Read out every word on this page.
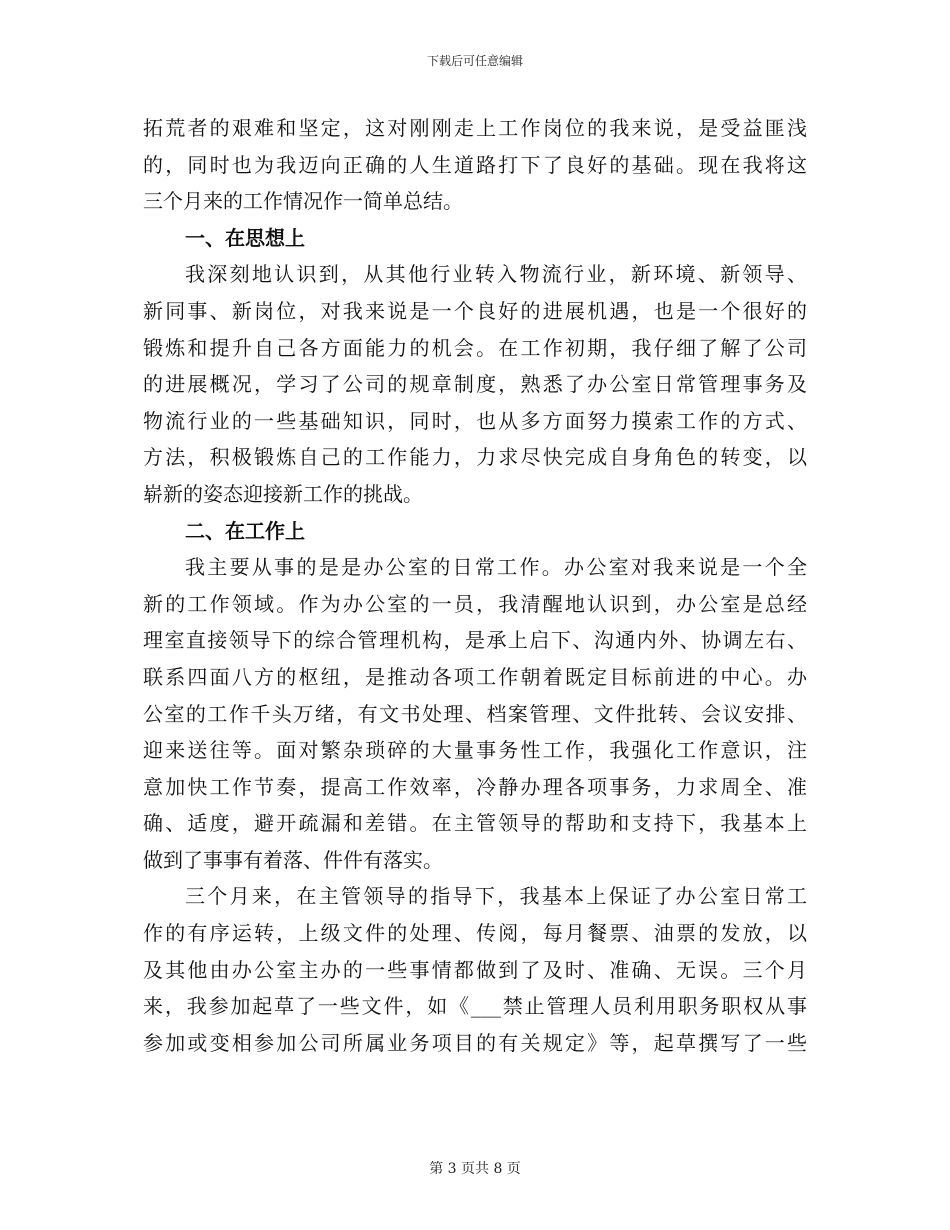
下载后可任意编辑
拓荒者的艰难和坚定，这对刚刚走上工作岗位的我来说，是受益匪浅
的，同时也为我迈向正确的人生道路打下了良好的基础。现在我将这
三个月来的工作情况作一简单总结。
一、在思想上
我深刻地认识到，从其他行业转入物流行业，新环境、新领导、
新同事、新岗位，对我来说是一个良好的进展机遇，也是一个很好的
锻炼和提升自己各方面能力的机会。在工作初期，我仔细了解了公司
的进展概况，学习了公司的规章制度，熟悉了办公室日常管理事务及
物流行业的一些基础知识，同时，也从多方面努力摸索工作的方式、
方法，积极锻炼自己的工作能力，力求尽快完成自身角色的转变，以
崭新的姿态迎接新工作的挑战。
二、在工作上
我主要从事的是是办公室的日常工作。办公室对我来说是一个全
新的工作领域。作为办公室的一员，我清醒地认识到，办公室是总经
理室直接领导下的综合管理机构，是承上启下、沟通内外、协调左右、
联系四面八方的枢纽，是推动各项工作朝着既定目标前进的中心。办
公室的工作千头万绪，有文书处理、档案管理、文件批转、会议安排、
迎来送往等。面对繁杂琐碎的大量事务性工作，我强化工作意识，注
意加快工作节奏，提高工作效率，冷静办理各项事务，力求周全、准
确、适度，避开疏漏和差错。在主管领导的帮助和支持下，我基本上
做到了事事有着落、件件有落实。
三个月来，在主管领导的指导下，我基本上保证了办公室日常工
作的有序运转，上级文件的处理、传阅，每月餐票、油票的发放，以
及其他由办公室主办的一些事情都做到了及时、准确、无误。三个月
来，我参加起草了一些文件，如《___禁止管理人员利用职务职权从事
参加或变相参加公司所属业务项目的有关规定》等，起草撰写了一些
第 3 页共 8 页
